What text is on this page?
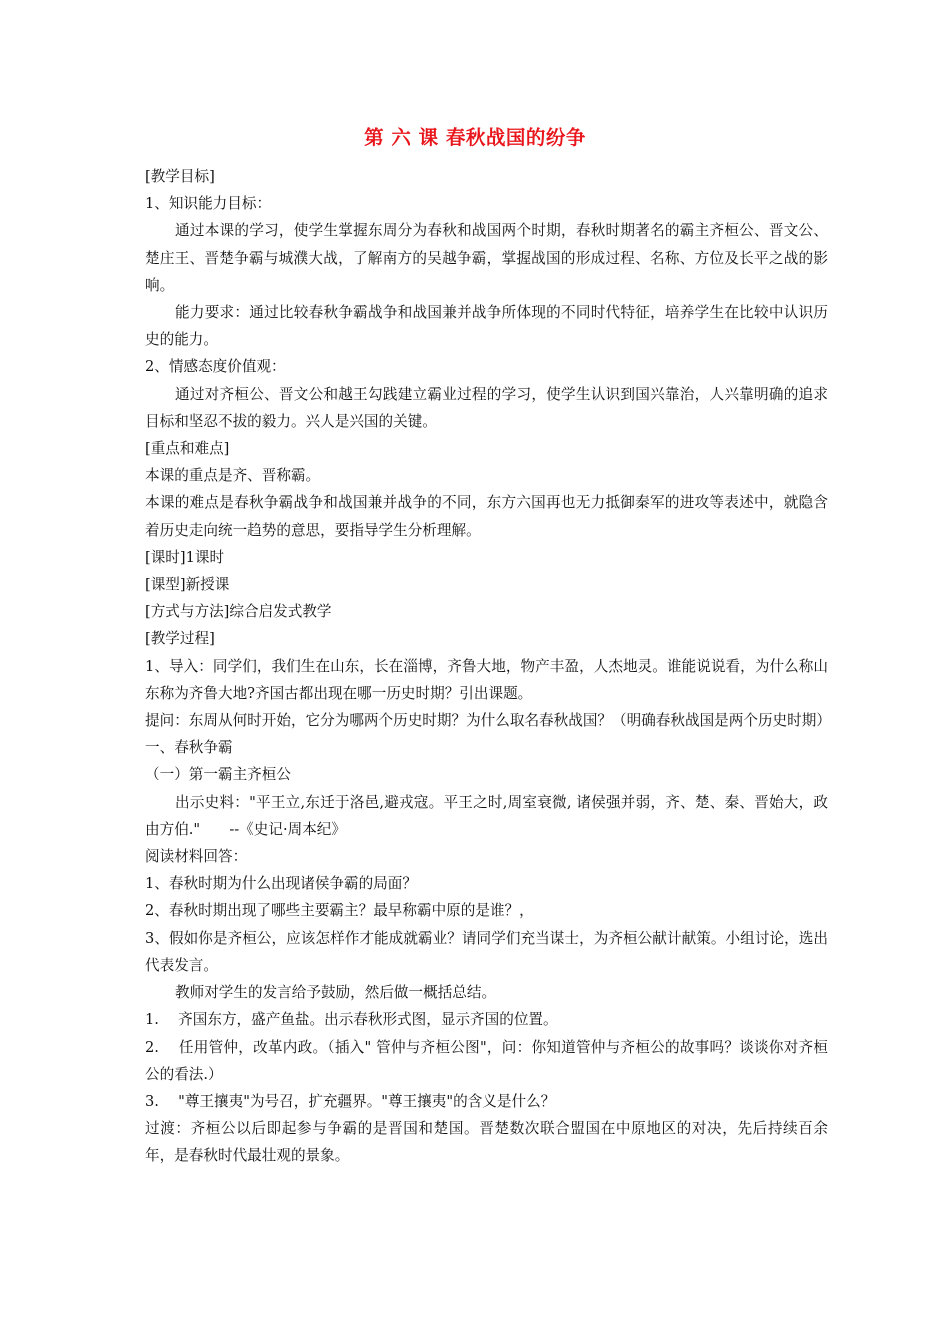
第 六 课 春秋战国的纷争

[教学目标]

1、知识能力目标：

通过本课的学习，使学生掌握东周分为春秋和战国两个时期，春秋时期著名的霸主齐桓公、晋文公、楚庄王、晋楚争霸与城濮大战，了解南方的吴越争霸，掌握战国的形成过程、名称、方位及长平之战的影响。

能力要求：通过比较春秋争霸战争和战国兼并战争所体现的不同时代特征，培养学生在比较中认识历史的能力。

2、情感态度价值观：

通过对齐桓公、晋文公和越王勾践建立霸业过程的学习，使学生认识到国兴靠治，人兴靠明确的追求目标和坚忍不拔的毅力。兴人是兴国的关键。

[重点和难点]

本课的重点是齐、晋称霸。

本课的难点是春秋争霸战争和战国兼并战争的不同，东方六国再也无力抵御秦军的进攻等表述中，就隐含着历史走向统一趋势的意思，要指导学生分析理解。

[课时]1课时

[课型]新授课

[方式与方法]综合启发式教学

[教学过程]

1、导入：同学们，我们生在山东，长在淄博，齐鲁大地，物产丰盈，人杰地灵。谁能说说看，为什么称山东称为齐鲁大地?齐国古都出现在哪一历史时期？引出课题。

提问：东周从何时开始，它分为哪两个历史时期？为什么取名春秋战国？（明确春秋战国是两个历史时期）

一、春秋争霸

（一）第一霸主齐桓公

出示史料："平王立,东迁于洛邑,避戎寇。平王之时,周室衰微, 诸侯强并弱，齐、楚、秦、晋始大，政由方伯."　　--《史记·周本纪》

阅读材料回答：

1、春秋时期为什么出现诸侯争霸的局面？

2、春秋时期出现了哪些主要霸主？最早称霸中原的是谁？，

3、假如你是齐桓公，应该怎样作才能成就霸业？请同学们充当谋士，为齐桓公献计献策。小组讨论，选出代表发言。

教师对学生的发言给予鼓励，然后做一概括总结。

1.　 齐国东方，盛产鱼盐。出示春秋形式图，显示齐国的位置。

2.　 任用管仲，改革内政。（插入" 管仲与齐桓公图"，问：你知道管仲与齐桓公的故事吗？谈谈你对齐桓公的看法.）

3.　 "尊王攘夷"为号召，扩充疆界。"尊王攘夷"的含义是什么？

过渡：齐桓公以后即起参与争霸的是晋国和楚国。晋楚数次联合盟国在中原地区的对决，先后持续百余年，是春秋时代最壮观的景象。
